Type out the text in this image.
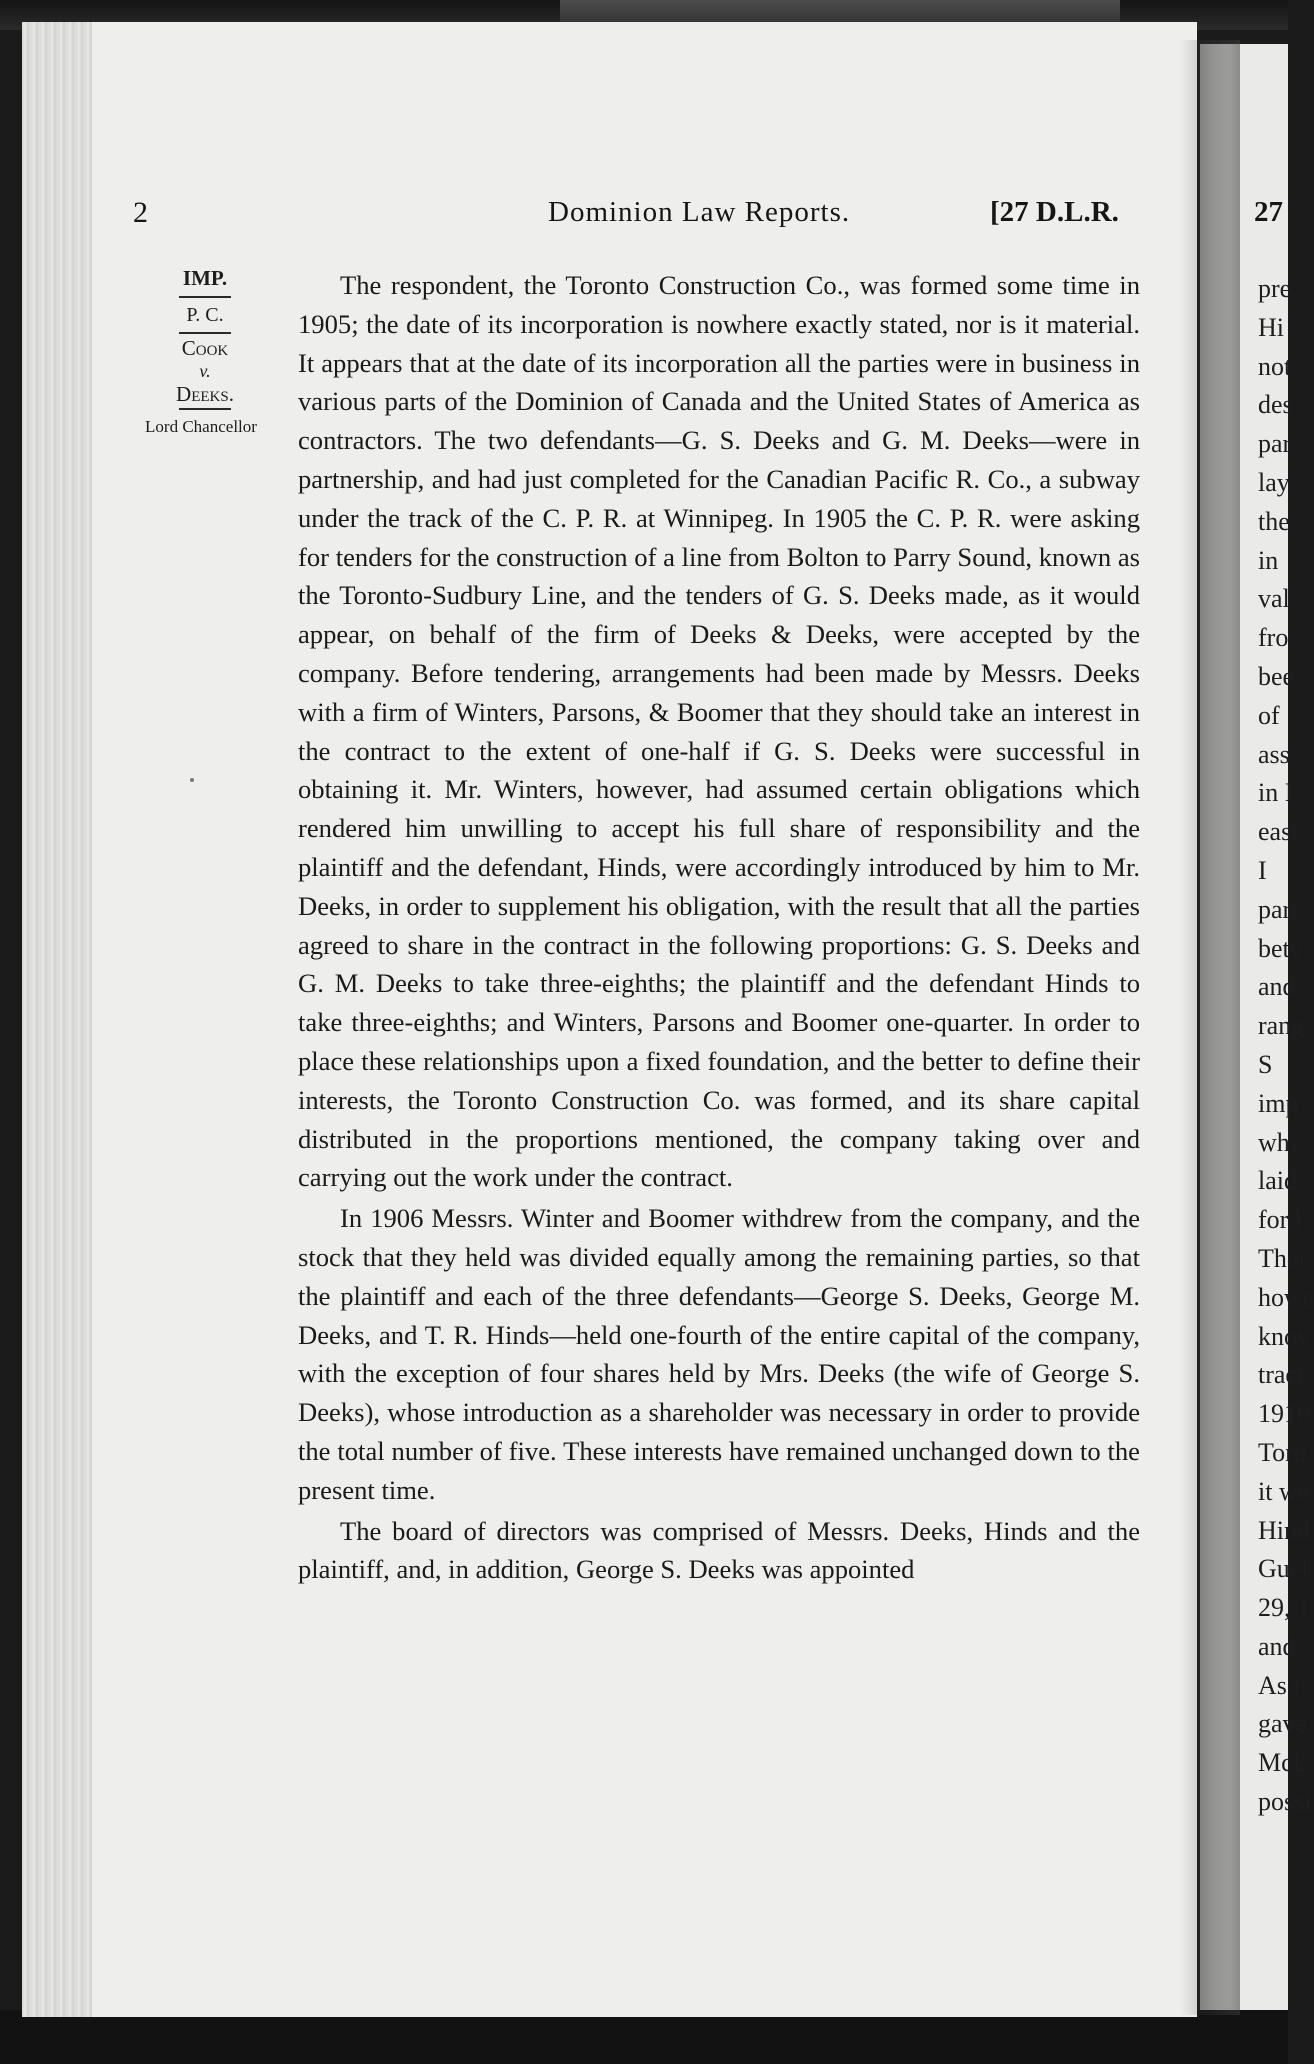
2	Dominion Law Reports.	[27 D.L.R.
IMP.
P. C.
Cook
v.
Deeks.
Lord Chancellor

The respondent, the Toronto Construction Co., was formed some time in 1905; the date of its incorporation is nowhere exactly stated, nor is it material. It appears that at the date of its incorporation all the parties were in business in various parts of the Dominion of Canada and the United States of America as contractors. The two defendants—G. S. Deeks and G. M. Deeks—were in partnership, and had just completed for the Canadian Pacific R. Co., a subway under the track of the C. P. R. at Winnipeg. In 1905 the C. P. R. were asking for tenders for the construction of a line from Bolton to Parry Sound, known as the Toronto-Sudbury Line, and the tenders of G. S. Deeks made, as it would appear, on behalf of the firm of Deeks & Deeks, were accepted by the company. Before tendering, arrangements had been made by Messrs. Deeks with a firm of Winters, Parsons, & Boomer that they should take an interest in the contract to the extent of one-half if G. S. Deeks were successful in obtaining it. Mr. Winters, however, had assumed certain obligations which rendered him unwilling to accept his full share of responsibility and the plaintiff and the defendant, Hinds, were accordingly introduced by him to Mr. Deeks, in order to supplement his obligation, with the result that all the parties agreed to share in the contract in the following proportions: G. S. Deeks and G. M. Deeks to take three-eighths; the plaintiff and the defendant Hinds to take three-eighths; and Winters, Parsons and Boomer one-quarter. In order to place these relationships upon a fixed foundation, and the better to define their interests, the Toronto Construction Co. was formed, and its share capital distributed in the proportions mentioned, the company taking over and carrying out the work under the contract.

In 1906 Messrs. Winter and Boomer withdrew from the company, and the stock that they held was divided equally among the remaining parties, so that the plaintiff and each of the three defendants—George S. Deeks, George M. Deeks, and T. R. Hinds—held one-fourth of the entire capital of the company, with the exception of four shares held by Mrs. Deeks (the wife of George S. Deeks), whose introduction as a shareholder was necessary in order to provide the total number of five. These interests have remained unchanged down to the present time.

The board of directors was comprised of Messrs. Deeks, Hinds and the plaintiff, and, in addition, George S. Deeks was appointed

27
pre
Hi
not
des
par
lay
the
in
val
fro
bee
of
ass
in I
east
I
part
betv
and
rang
S
imp
whi
laid
for l
Thei
howe
knov
tract
1910
Toro
it we
Hind
Guel
29, 1
and
As t
gave
McL
possi
